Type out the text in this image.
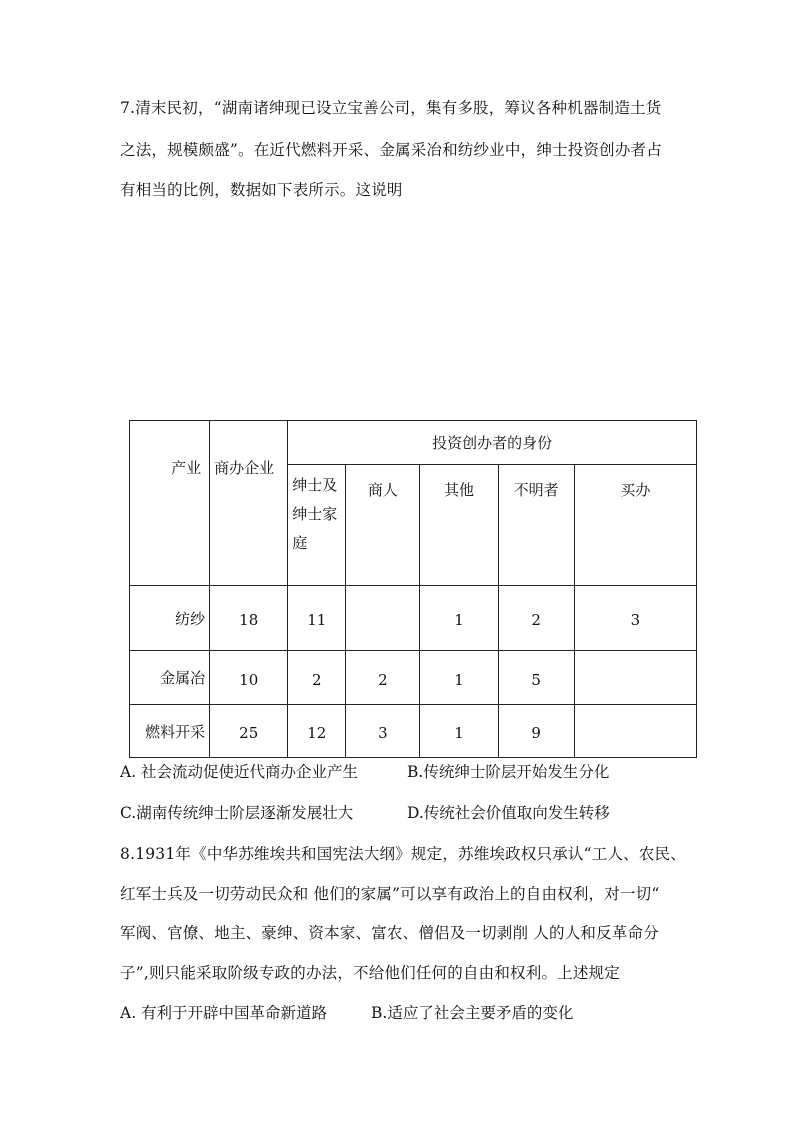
7.清末民初，“湖南诸绅现已设立宝善公司，集有多股，筹议各种机器制造土货
之法，规模颇盛”。在近代燃料开采、金属采冶和纺纱业中，绅士投资创办者占
有相当的比例，数据如下表所示。这说明
产业	商办企业	投资创办者的身份				
		绅士及绅士家庭	商人	其他	不明者	买办
纺纱	18	11		1	2	3
金属冶	10	2	2	1	5	
燃料开采	25	12	3	1	9	
A. 社会流动促使近代商办企业产生	B.传统绅士阶层开始发生分化
C.湖南传统绅士阶层逐渐发展壮大	D.传统社会价值取向发生转移
8.1931年《中华苏维埃共和国宪法大纲》规定，苏维埃政权只承认“工人、农民、
红军士兵及一切劳动民众和 他们的家属”可以享有政治上的自由权利，对一切“
军阀、官僚、地主、豪绅、资本家、富农、僧侣及一切剥削 人的人和反革命分
子”,则只能采取阶级专政的办法，不给他们任何的自由和权利。上述规定
A. 有利于开辟中国革命新道路	B.适应了社会主要矛盾的变化
